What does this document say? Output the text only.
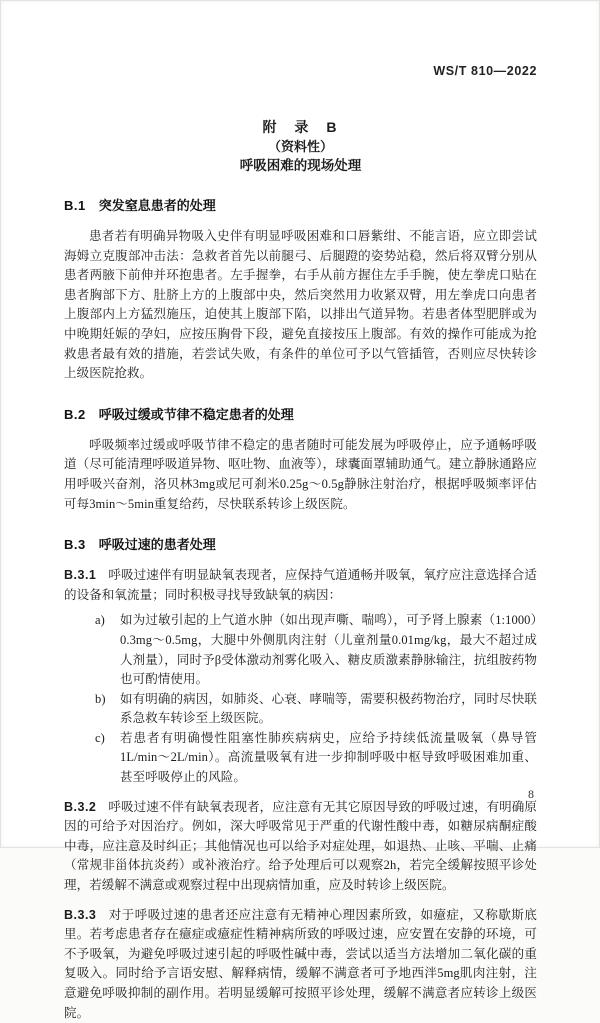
WS/T 810—2022
附　录　B
（资料性）
呼吸困难的现场处理
B.1 突发窒息患者的处理

患者若有明确异物吸入史伴有明显呼吸困难和口唇紫绀、不能言语，应立即尝试海姆立克腹部冲击法：急救者首先以前腿弓、后腿蹬的姿势站稳，然后将双臂分别从患者两腋下前伸并环抱患者。左手握拳，右手从前方握住左手手腕，使左拳虎口贴在患者胸部下方、肚脐上方的上腹部中央，然后突然用力收紧双臂，用左拳虎口向患者上腹部内上方猛烈施压，迫使其上腹部下陷，以排出气道异物。若患者体型肥胖或为中晚期妊娠的孕妇，应按压胸骨下段，避免直接按压上腹部。有效的操作可能成为抢救患者最有效的措施，若尝试失败，有条件的单位可予以气管插管，否则应尽快转诊上级医院抢救。

B.2 呼吸过缓或节律不稳定患者的处理

呼吸频率过缓或呼吸节律不稳定的患者随时可能发展为呼吸停止，应予通畅呼吸道（尽可能清理呼吸道异物、呕吐物、血液等），球囊面罩辅助通气。建立静脉通路应用呼吸兴奋剂，洛贝林3mg或尼可刹米0.25g～0.5g静脉注射治疗，根据呼吸频率评估可每3min～5min重复给药，尽快联系转诊上级医院。

B.3 呼吸过速的患者处理

B.3.1 呼吸过速伴有明显缺氧表现者，应保持气道通畅并吸氧，氧疗应注意选择合适的设备和氧流量；同时积极寻找导致缺氧的病因：

a) 如为过敏引起的上气道水肿（如出现声嘶、喘鸣），可予肾上腺素（1:1000）0.3mg～0.5mg，大腿中外侧肌肉注射（儿童剂量0.01mg/kg，最大不超过成人剂量），同时予β受体激动剂雾化吸入、糖皮质激素静脉输注，抗组胺药物也可酌情使用。
b) 如有明确的病因，如肺炎、心衰、哮喘等，需要积极药物治疗，同时尽快联系急救车转诊至上级医院。
c) 若患者有明确慢性阻塞性肺疾病病史，应给予持续低流量吸氧（鼻导管1L/min～2L/min）。高流量吸氧有进一步抑制呼吸中枢导致呼吸困难加重、甚至呼吸停止的风险。

B.3.2 呼吸过速不伴有缺氧表现者，应注意有无其它原因导致的呼吸过速，有明确原因的可给予对因治疗。例如，深大呼吸常见于严重的代谢性酸中毒，如糖尿病酮症酸中毒，应注意及时纠正；其他情况也可以给予对症处理，如退热、止咳、平喘、止痛（常规非甾体抗炎药）或补液治疗。给予处理后可以观察2h，若完全缓解按照平诊处理，若缓解不满意或观察过程中出现病情加重，应及时转诊上级医院。

B.3.3 对于呼吸过速的患者还应注意有无精神心理因素所致，如癔症，又称歇斯底里。若考虑患者存在癔症或癔症性精神病所致的呼吸过速，应安置在安静的环境，可不予吸氧，为避免呼吸过速引起的呼吸性碱中毒，尝试以适当方法增加二氧化碳的重复吸入。同时给予言语安慰、解释病情，缓解不满意者可予地西泮5mg肌肉注射，注意避免呼吸抑制的副作用。若明显缓解可按照平诊处理，缓解不满意者应转诊上级医院。

8
